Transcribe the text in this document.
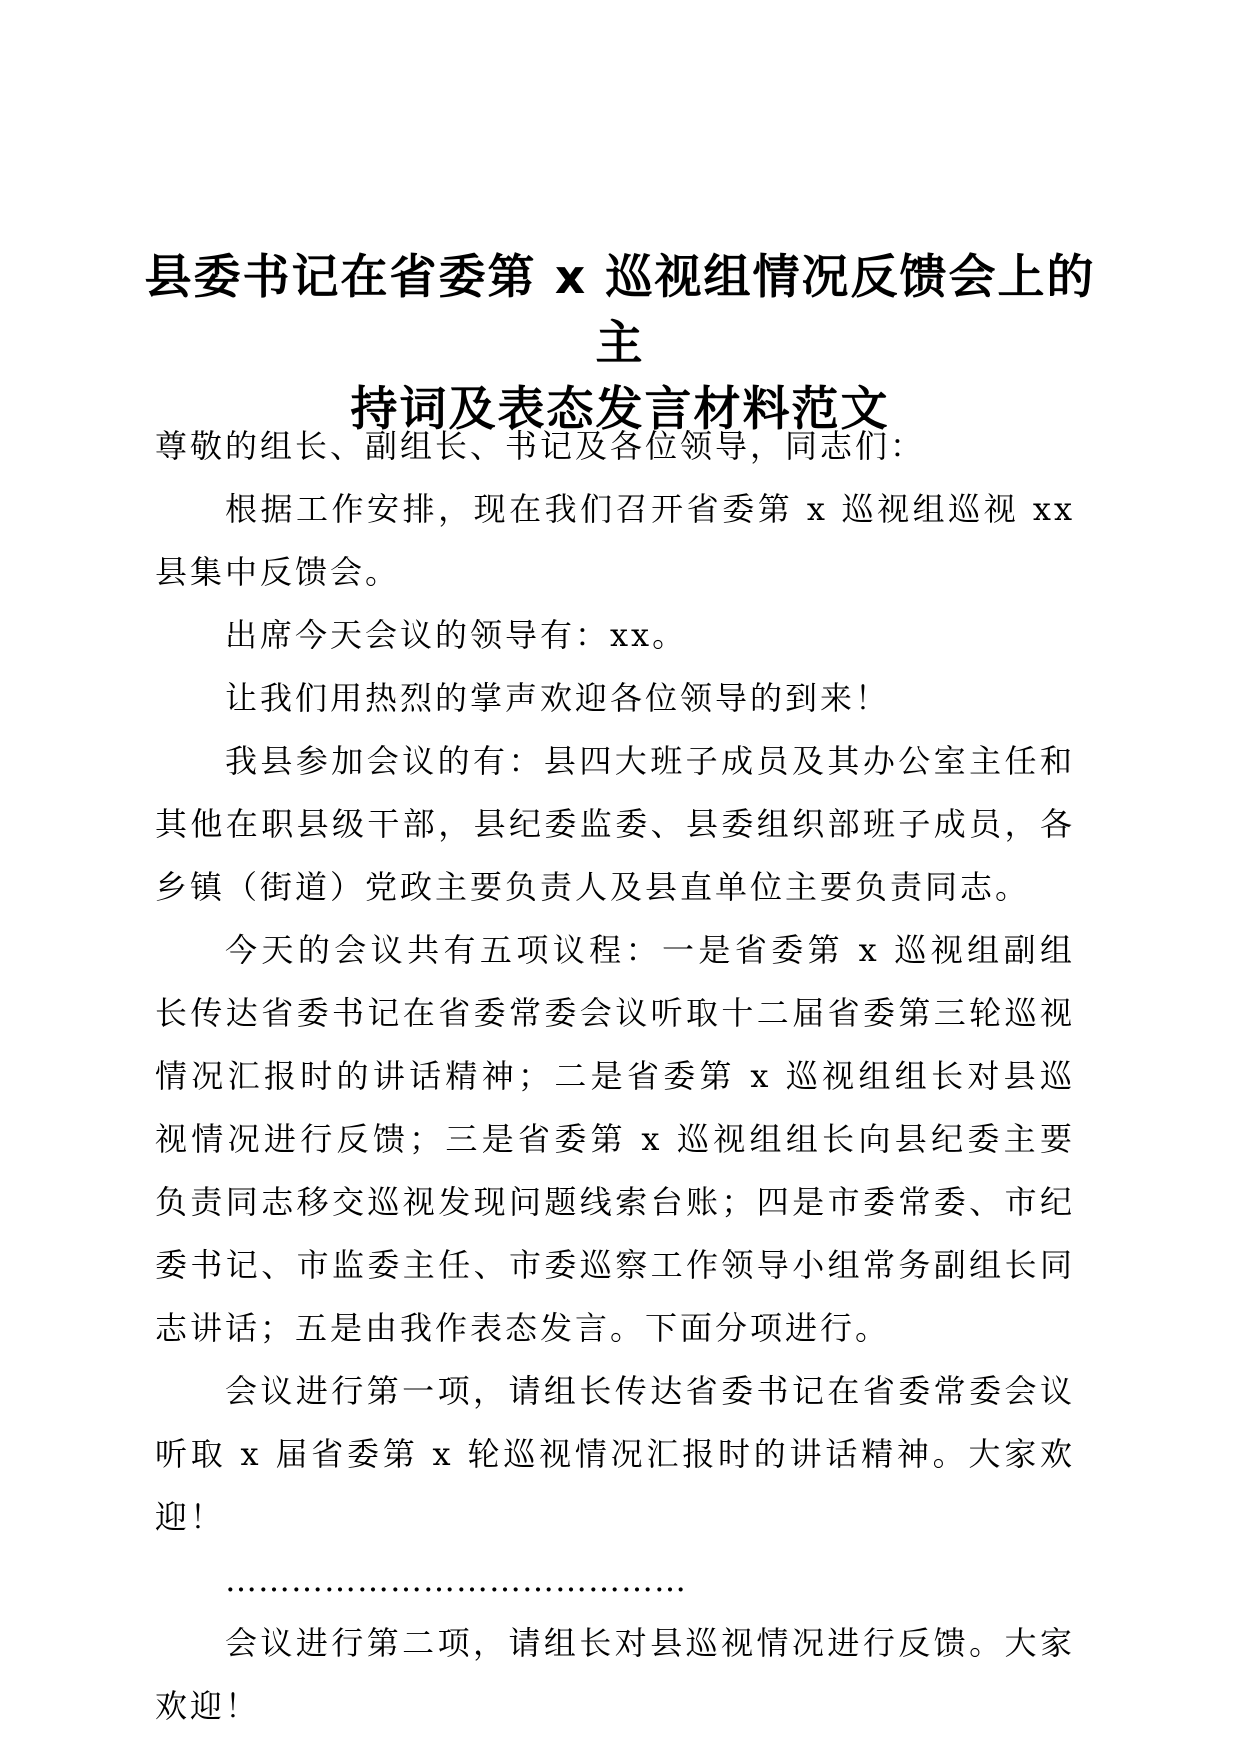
县委书记在省委第 x 巡视组情况反馈会上的主
持词及表态发言材料范文

尊敬的组长、副组长、书记及各位领导，同志们：

根据工作安排，现在我们召开省委第 x 巡视组巡视 xx 县集中反馈会。

出席今天会议的领导有：xx。

让我们用热烈的掌声欢迎各位领导的到来！

我县参加会议的有：县四大班子成员及其办公室主任和其他在职县级干部，县纪委监委、县委组织部班子成员，各乡镇（街道）党政主要负责人及县直单位主要负责同志。

今天的会议共有五项议程：一是省委第 x 巡视组副组长传达省委书记在省委常委会议听取十二届省委第三轮巡视情况汇报时的讲话精神；二是省委第 x 巡视组组长对县巡视情况进行反馈；三是省委第 x 巡视组组长向县纪委主要负责同志移交巡视发现问题线索台账；四是市委常委、市纪委书记、市监委主任、市委巡察工作领导小组常务副组长同志讲话；五是由我作表态发言。下面分项进行。

会议进行第一项，请组长传达省委书记在省委常委会议听取 x 届省委第 x 轮巡视情况汇报时的讲话精神。大家欢迎！

……………………………………

会议进行第二项，请组长对县巡视情况进行反馈。大家欢迎！
